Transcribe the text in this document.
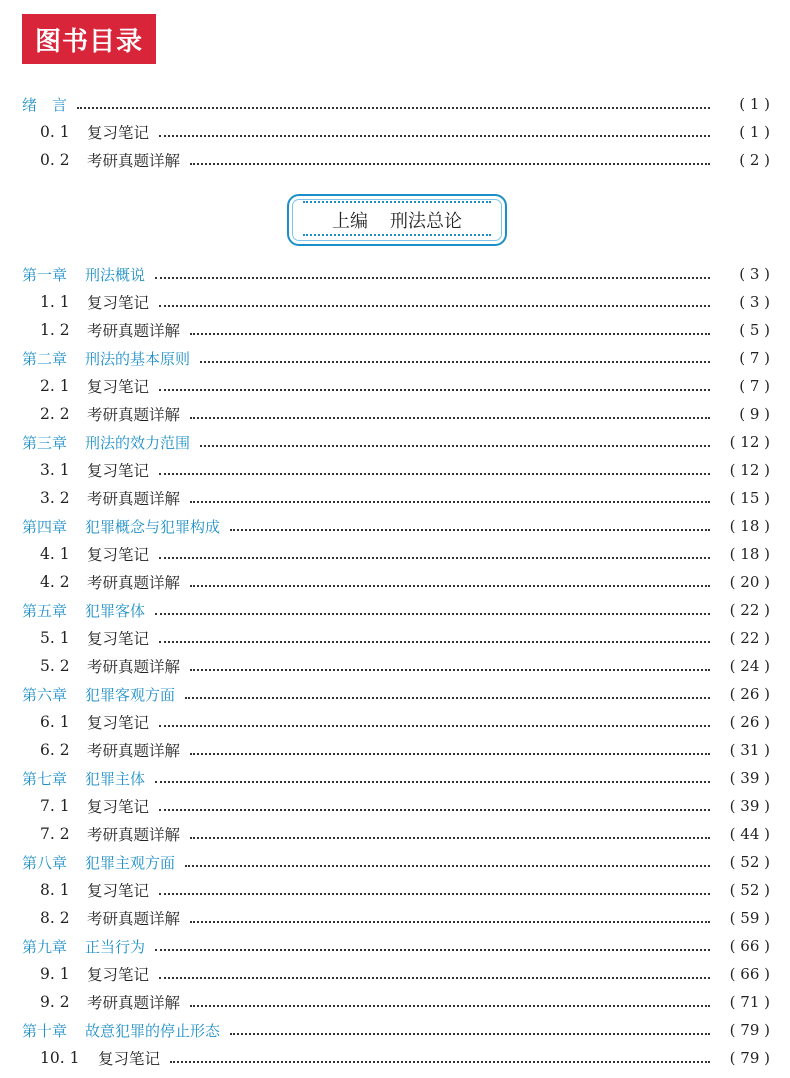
图书目录
上编 刑法总论
绪　言	( 1 )
0. 1	复习笔记	( 1 )
0. 2	考研真题详解	( 2 )
第一章 刑法概说	( 3 )
1. 1	复习笔记	( 3 )
1. 2	考研真题详解	( 5 )
第二章 刑法的基本原则	( 7 )
2. 1	复习笔记	( 7 )
2. 2	考研真题详解	( 9 )
第三章 刑法的效力范围	( 12 )
3. 1	复习笔记	( 12 )
3. 2	考研真题详解	( 15 )
第四章 犯罪概念与犯罪构成	( 18 )
4. 1	复习笔记	( 18 )
4. 2	考研真题详解	( 20 )
第五章 犯罪客体	( 22 )
5. 1	复习笔记	( 22 )
5. 2	考研真题详解	( 24 )
第六章 犯罪客观方面	( 26 )
6. 1	复习笔记	( 26 )
6. 2	考研真题详解	( 31 )
第七章 犯罪主体	( 39 )
7. 1	复习笔记	( 39 )
7. 2	考研真题详解	( 44 )
第八章 犯罪主观方面	( 52 )
8. 1	复习笔记	( 52 )
8. 2	考研真题详解	( 59 )
第九章 正当行为	( 66 )
9. 1	复习笔记	( 66 )
9. 2	考研真题详解	( 71 )
第十章 故意犯罪的停止形态	( 79 )
10. 1	复习笔记	( 79 )
